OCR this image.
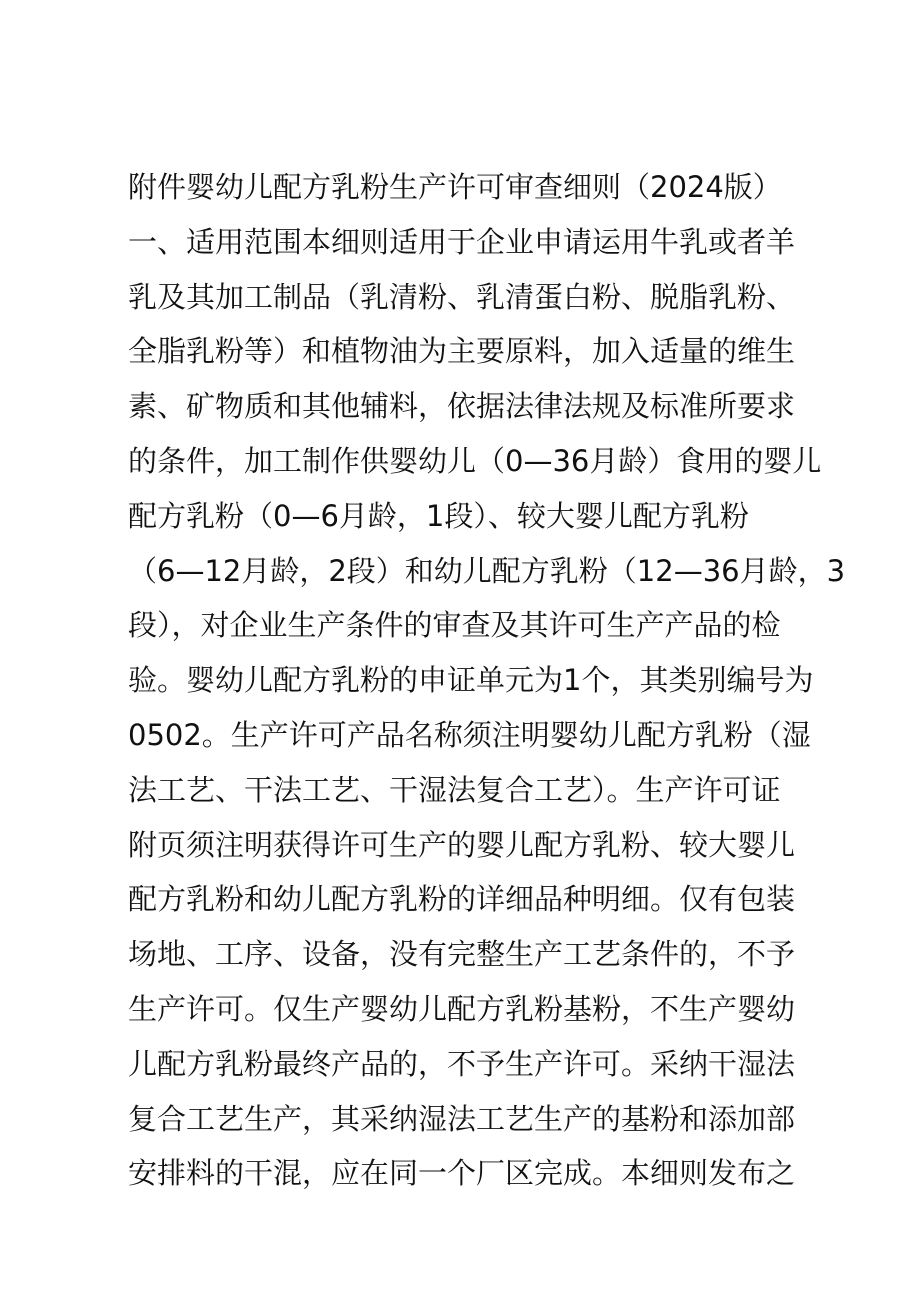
附件婴幼儿配方乳粉生产许可审查细则（2024版）
一、适用范围本细则适用于企业申请运用牛乳或者羊
乳及其加工制品（乳清粉、乳清蛋白粉、脱脂乳粉、
全脂乳粉等）和植物油为主要原料，加入适量的维生
素、矿物质和其他辅料，依据法律法规及标准所要求
的条件，加工制作供婴幼儿（0—36月龄）食用的婴儿
配方乳粉（0—6月龄，1段）、较大婴儿配方乳粉
（6—12月龄，2段）和幼儿配方乳粉（12—36月龄，3
段），对企业生产条件的审查及其许可生产产品的检
验。婴幼儿配方乳粉的申证单元为1个，其类别编号为
0502。生产许可产品名称须注明婴幼儿配方乳粉（湿
法工艺、干法工艺、干湿法复合工艺）。生产许可证
附页须注明获得许可生产的婴儿配方乳粉、较大婴儿
配方乳粉和幼儿配方乳粉的详细品种明细。仅有包装
场地、工序、设备，没有完整生产工艺条件的，不予
生产许可。仅生产婴幼儿配方乳粉基粉，不生产婴幼
儿配方乳粉最终产品的，不予生产许可。采纳干湿法
复合工艺生产，其采纳湿法工艺生产的基粉和添加部
安排料的干混，应在同一个厂区完成。本细则发布之
